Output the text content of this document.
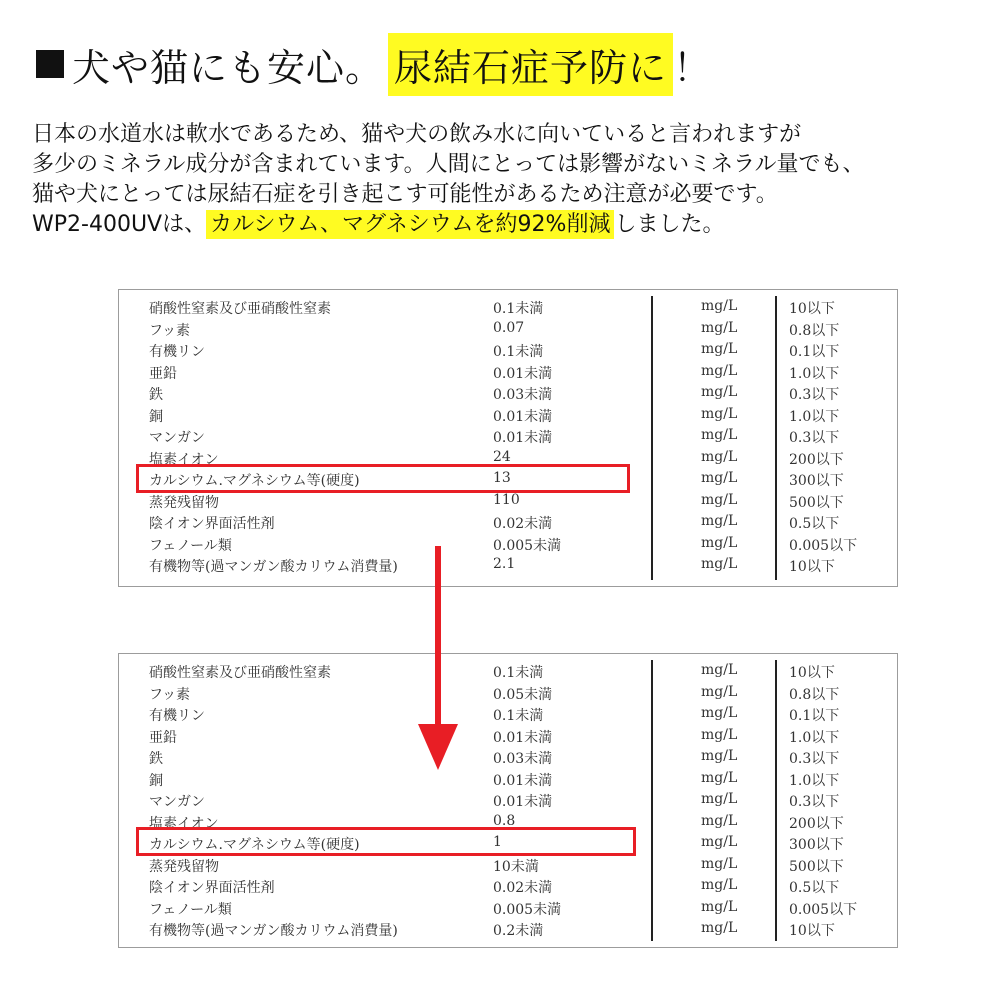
犬や猫にも安心。 尿結石症予防に ！

日本の水道水は軟水であるため、猫や犬の飲み水に向いていると言われますが

多少のミネラル成分が含まれています。人間にとっては影響がないミネラル量でも、

猫や犬にとっては尿結石症を引き起こす可能性があるため注意が必要です。

WP2-400UVは、 カルシウム、マグネシウムを約92%削減 しました。

硝酸性窒素及び亜硝酸性窒素	0.1未満	mg/L	10以下
フッ素	0.07	mg/L	0.8以下
有機リン	0.1未満	mg/L	0.1以下
亜鉛	0.01未満	mg/L	1.0以下
鉄	0.03未満	mg/L	0.3以下
銅	0.01未満	mg/L	1.0以下
マンガン	0.01未満	mg/L	0.3以下
塩素イオン	24	mg/L	200以下
カルシウム.マグネシウム等(硬度)	13	mg/L	300以下
蒸発残留物	110	mg/L	500以下
陰イオン界面活性剤	0.02未満	mg/L	0.5以下
フェノール類	0.005未満	mg/L	0.005以下
有機物等(過マンガン酸カリウム消費量)	2.1	mg/L	10以下
硝酸性窒素及び亜硝酸性窒素	0.1未満	mg/L	10以下
フッ素	0.05未満	mg/L	0.8以下
有機リン	0.1未満	mg/L	0.1以下
亜鉛	0.01未満	mg/L	1.0以下
鉄	0.03未満	mg/L	0.3以下
銅	0.01未満	mg/L	1.0以下
マンガン	0.01未満	mg/L	0.3以下
塩素イオン	0.8	mg/L	200以下
カルシウム.マグネシウム等(硬度)	1	mg/L	300以下
蒸発残留物	10未満	mg/L	500以下
陰イオン界面活性剤	0.02未満	mg/L	0.5以下
フェノール類	0.005未満	mg/L	0.005以下
有機物等(過マンガン酸カリウム消費量)	0.2未満	mg/L	10以下
